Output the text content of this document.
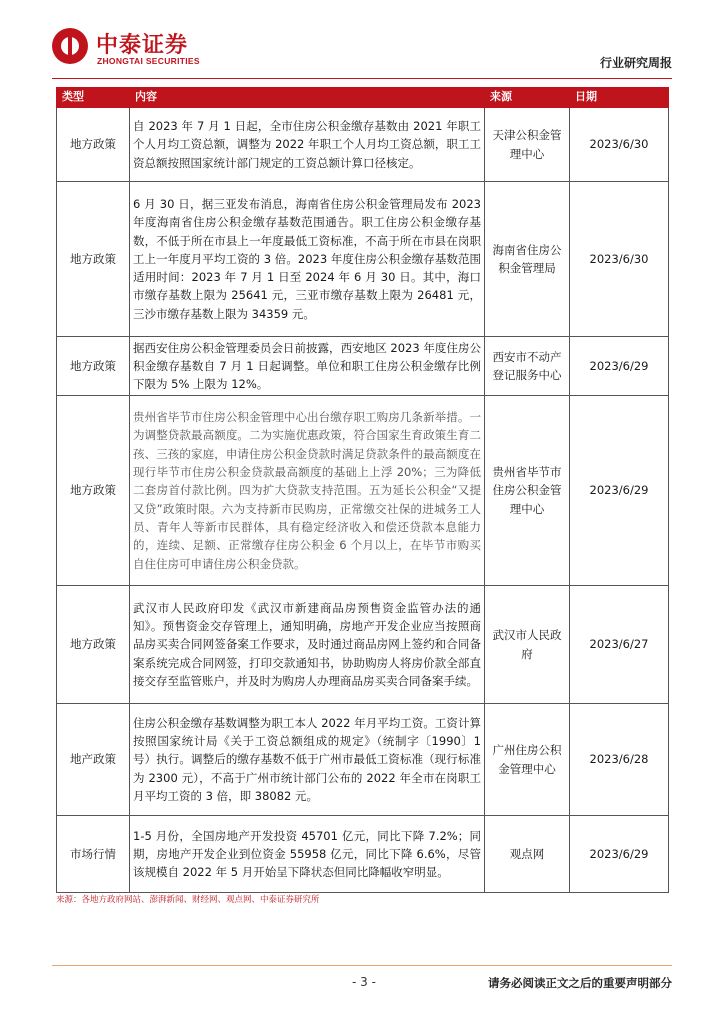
中泰证券
ZHONGTAI SECURITIES	行业研究周报
类型	内容	来源	日期
地方政策	自 2023 年 7 月 1 日起，全市住房公积金缴存基数由 2021 年职工个人月均工资总额，调整为 2022 年职工个人月均工资总额，职工工资总额按照国家统计部门规定的工资总额计算口径核定。	天津公积金管理中心	2023/6/30
地方政策	6 月 30 日，据三亚发布消息，海南省住房公积金管理局发布 2023 年度海南省住房公积金缴存基数范围通告。职工住房公积金缴存基数，不低于所在市县上一年度最低工资标准，不高于所在市县在岗职工上一年度月平均工资的 3 倍。2023 年度住房公积金缴存基数范围适用时间：2023 年 7 月 1 日至 2024 年 6 月 30 日。其中，海口市缴存基数上限为 25641 元，三亚市缴存基数上限为 26481 元，三沙市缴存基数上限为 34359 元。	海南省住房公积金管理局	2023/6/30
地方政策	据西安住房公积金管理委员会日前披露，西安地区 2023 年度住房公积金缴存基数自 7 月 1 日起调整。单位和职工住房公积金缴存比例下限为 5% 上限为 12%。	西安市不动产登记服务中心	2023/6/29
地方政策	贵州省毕节市住房公积金管理中心出台缴存职工购房几条新举措。一为调整贷款最高额度。二为实施优惠政策，符合国家生育政策生育二孩、三孩的家庭，申请住房公积金贷款时满足贷款条件的最高额度在现行毕节市住房公积金贷款最高额度的基础上上浮 20%；三为降低二套房首付款比例。四为扩大贷款支持范围。五为延长公积金“又提又贷”政策时限。六为支持新市民购房，正常缴交社保的进城务工人员、青年人等新市民群体，具有稳定经济收入和偿还贷款本息能力的，连续、足额、正常缴存住房公积金 6 个月以上，在毕节市购买自住住房可申请住房公积金贷款。	贵州省毕节市住房公积金管理中心	2023/6/29
地方政策	武汉市人民政府印发《武汉市新建商品房预售资金监管办法的通知》。预售资金交存管理上，通知明确，房地产开发企业应当按照商品房买卖合同网签备案工作要求，及时通过商品房网上签约和合同备案系统完成合同网签，打印交款通知书，协助购房人将房价款全部直接交存至监管账户，并及时为购房人办理商品房买卖合同备案手续。	武汉市人民政府	2023/6/27
地产政策	住房公积金缴存基数调整为职工本人 2022 年月平均工资。工资计算按照国家统计局《关于工资总额组成的规定》（统制字〔1990〕1 号）执行。调整后的缴存基数不低于广州市最低工资标准（现行标准为 2300 元），不高于广州市统计部门公布的 2022 年全市在岗职工月平均工资的 3 倍，即 38082 元。	广州住房公积金管理中心	2023/6/28
市场行情	1-5 月份，全国房地产开发投资 45701 亿元，同比下降 7.2%；同期，房地产开发企业到位资金 55958 亿元，同比下降 6.6%，尽管该规模自 2022 年 5 月开始呈下降状态但同比降幅收窄明显。	观点网	2023/6/29
来源：各地方政府网站、澎湃新闻、财经网、观点网、中泰证券研究所
- 3 -	请务必阅读正文之后的重要声明部分
